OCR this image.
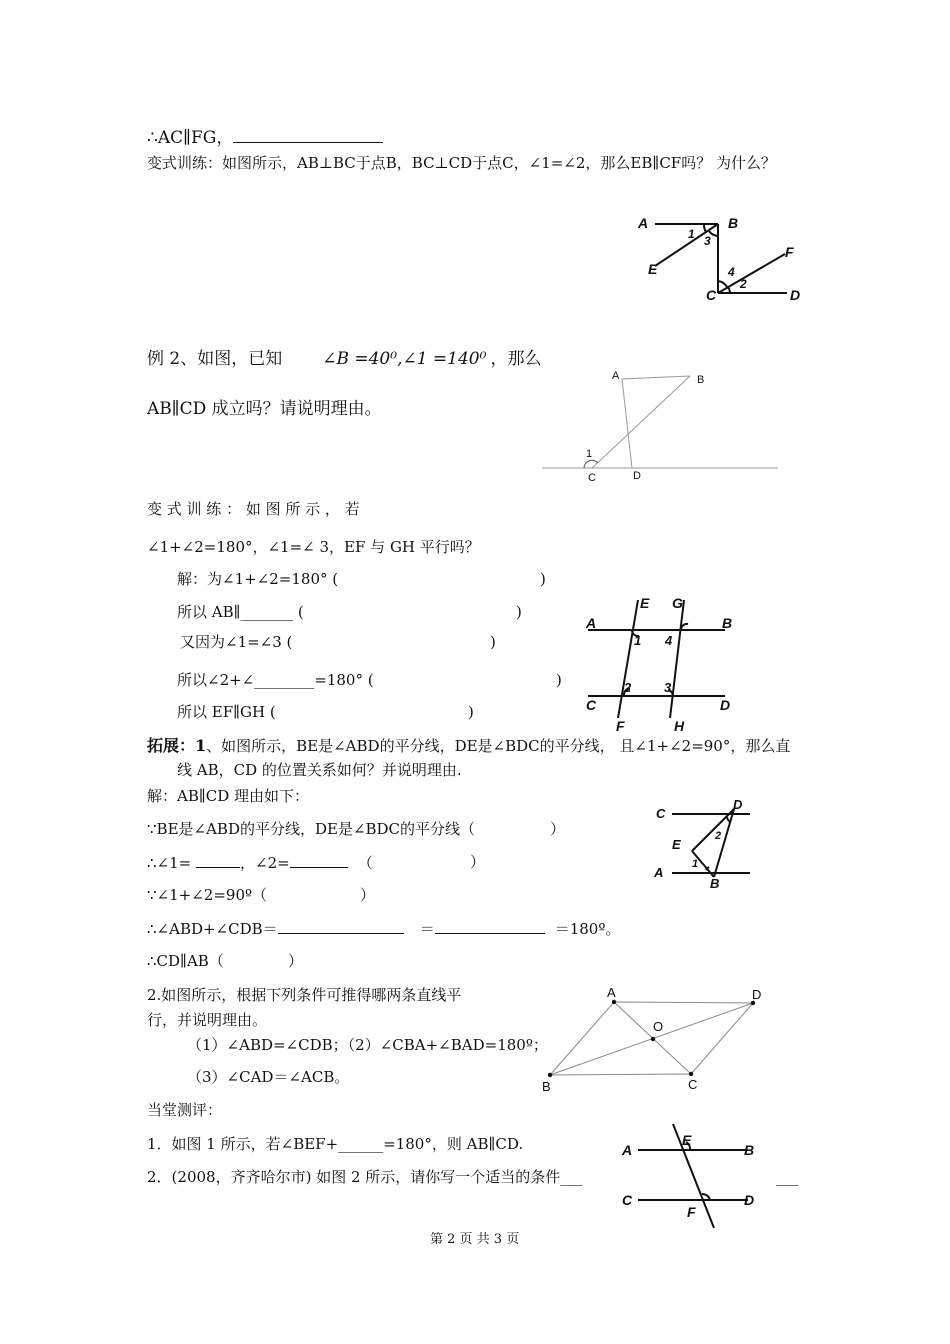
∴AC∥FG，
变式训练：如图所示，AB⊥BC于点B，BC⊥CD于点C，∠1=∠2，那么EB∥CF吗？ 为什么？
例 2、如图，已知 ∠B =40⁰,∠1 =140⁰ ，那么
AB∥CD 成立吗？请说明理由。
变 式 训 练 ： 如 图 所 示 ， 若
∠1+∠2=180°，∠1=∠ 3，EF 与 GH 平行吗？
解：为∠1+∠2=180° (	)
所以 AB∥_______ (	)
又因为∠1=∠3 (	)
所以∠2+∠________=180° (	)
所以 EF∥GH (	)
拓展：1、如图所示，BE是∠ABD的平分线，DE是∠BDC的平分线， 且∠1+∠2=90°，那么直
线 AB，CD 的位置关系如何？并说明理由.
解：AB∥CD 理由如下：
∵BE是∠ABD的平分线，DE是∠BDC的平分线（	）
∴∠1=	，∠2=	（	）
∵∠1+∠2=90º（	）
∴∠ABD+∠CDB＝	＝	＝180º。
∴CD∥AB（	）
2.如图所示，根据下列条件可推得哪两条直线平
行，并说明理由。
（1）∠ABD=∠CDB；（2）∠CBA+∠BAD=180º；
（3）∠CAD＝∠ACB。
当堂测评：
1．如图 1 所示，若∠BEF+______=180°，则 AB∥CD.
2．(2008，齐齐哈尔市) 如图 2 所示，请你写一个适当的条件___	___
第 2 页 共 3 页
A	B
E
F
C	D
1 3
4
2
A	B
C	D
1
A	B
C	D
E
F
G
H
1
2	3
4
C
D
E
A
B
1
2
A	D
O
B	C
A	B
C	D
E
F
